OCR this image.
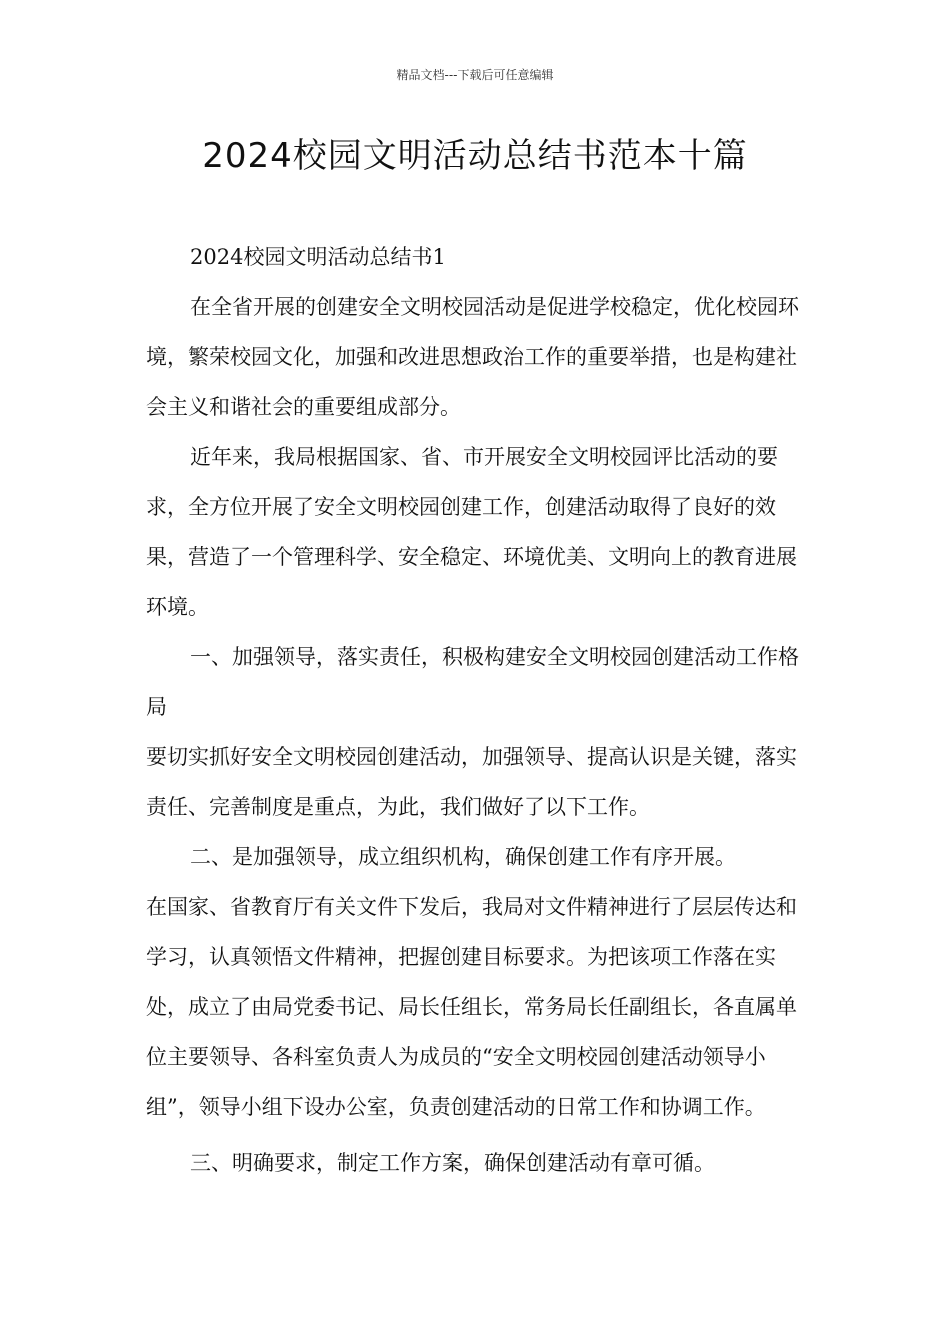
精品文档---下载后可任意编辑
2024校园文明活动总结书范本十篇

2024校园文明活动总结书1

在全省开展的创建安全文明校园活动是促进学校稳定，优化校园环境，繁荣校园文化，加强和改进思想政治工作的重要举措，也是构建社会主义和谐社会的重要组成部分。

近年来，我局根据国家、省、市开展安全文明校园评比活动的要求，全方位开展了安全文明校园创建工作，创建活动取得了良好的效果，营造了一个管理科学、安全稳定、环境优美、文明向上的教育进展环境。

一、加强领导，落实责任，积极构建安全文明校园创建活动工作格局

要切实抓好安全文明校园创建活动，加强领导、提高认识是关键，落实责任、完善制度是重点，为此，我们做好了以下工作。

二、是加强领导，成立组织机构，确保创建工作有序开展。

在国家、省教育厅有关文件下发后，我局对文件精神进行了层层传达和学习，认真领悟文件精神，把握创建目标要求。为把该项工作落在实处，成立了由局党委书记、局长任组长，常务局长任副组长，各直属单位主要领导、各科室负责人为成员的“安全文明校园创建活动领导小组”，领导小组下设办公室，负责创建活动的日常工作和协调工作。

三、明确要求，制定工作方案，确保创建活动有章可循。
